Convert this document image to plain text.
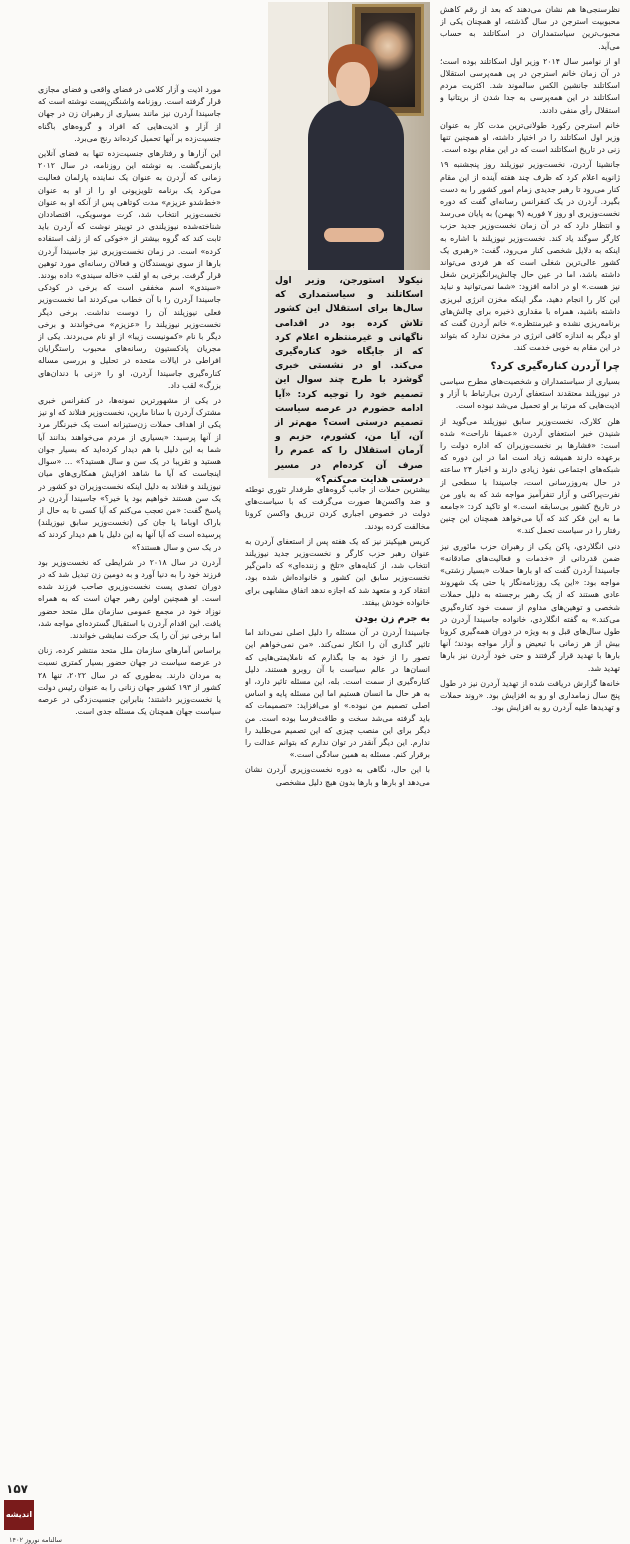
نظرسنجی‌ها هم نشان می‌دهند که بعد از رقم کاهش محبوبیت استرجن در سال گذشته، او همچنان یکی از محبوب‌ترین سیاستمداران در اسکاتلند به حساب می‌آید.

او از نوامبر سال ۲۰۱۴ وزیر اول اسکاتلند بوده است؛ در آن زمان خانم استرجن در پی همه‌پرسی استقلال اسکاتلند جانشین الکس سالموند شد. اکثریت مردم اسکاتلند در این همه‌پرسی به جدا شدن از بریتانیا و استقلال رأی منفی دادند.

خانم استرجن رکورد طولانی‌ترین مدت کار به عنوان وزیر اول اسکاتلند را در اختیار داشته، او همچنین تنها زنی در تاریخ اسکاتلند است که در این مقام بوده است.

جانشینا آردرن، نخست‌وزیر نیوزیلند روز پنجشنبه ۱۹ ژانویه اعلام کرد که ظرف چند هفته آینده از این مقام کنار می‌رود تا رهبر جدیدی زمام امور کشور را به دست بگیرد. آردرن در یک کنفرانس رسانه‌ای گفت که دوره نخست‌وزیری او روز ۷ فوریه (۹ بهمن) به پایان می‌رسد و انتظار دارد که در آن زمان نخست‌وزیر جدید حزب کارگر سوگند یاد کند. نخست‌وزیر نیوزیلند با اشاره به اینکه به دلایل شخصی کنار می‌رود، گفت: «رهبری یک کشور عالی‌ترین شغلی است که هر فردی می‌تواند داشته باشد، اما در عین حال چالش‌برانگیزترین شغل نیز هست.» او در ادامه افزود: «شما نمی‌توانید و نباید این کار را انجام دهید، مگر اینکه مخزن انرژی لبریزی داشته باشید، همراه با مقداری ذخیره برای چالش‌های برنامه‌ریزی نشده و غیرمنتظره.» خانم آردرن گفت که او دیگر به اندازه کافی انرژی در مخزن ندارد که بتواند در این مقام به خوبی خدمت کند.

چرا آردرن کناره‌گیری کرد؟

بسیاری از سیاستمداران و شخصیت‌های مطرح سیاسی در نیوزیلند معتقدند استعفای آردرن بی‌ارتباط با آزار و اذیت‌هایی که مرتبا بر او تحمیل می‌شد نبوده است.

هلن کلارک، نخست‌وزیر سابق نیوزیلند می‌گوید از شنیدن خبر استعفای آردرن «عمیقا ناراحت» شده است: «فشارها بر نخست‌وزیران که اداره دولت را برعهده دارند همیشه زیاد است اما در این دوره که شبکه‌های اجتماعی نفوذ زیادی دارند و اخبار ۲۴ ساعته در حال به‌روزرسانی است، جاسیندا با سطحی از نفرت‌پراکنی و آزار تنفرآمیز مواجه شد که به باور من در تاریخ کشور بی‌سابقه است.» او تاکید کرد: «جامعه ما به این فکر کند که آیا می‌خواهد همچنان این چنین رفتار را در سیاست تحمل کند.»

دنی انگلاردی، پاکن یکی از رهبران حزب مائوری نیز ضمن قدردانی از «خدمات و فعالیت‌های صادقانه» جاسیندا آردرن گفت که او بارها حملات «بسیار زشتی» مواجه بود: «این یک روزنامه‌نگار یا حتی یک شهروند عادی هستند که از یک رهبر برجسته به دلیل حملات شخصی و توهین‌های مداوم از سمت خود کناره‌گیری می‌کند.» به گفته انگلاردی، خانواده جاسیندا آردرن در طول سال‌های قبل و به ویژه در دوران همه‌گیری کرونا بیش از هر زمانی با تبعیض و آزار مواجه بودند؛ آنها بارها با تهدید قرار گرفتند و حتی خود آردرن نیز بارها تهدید شد.

خانه‌ها گزارش دریافت شده از تهدید آردرن نیز در طول پنج سال زمامداری او رو به افزایش بود. «روند حملات و تهدیدها علیه آردرن رو به افزایش بود.

نیکولا استورجن، وزیر اول اسکاتلند و سیاستمداری که سال‌ها برای استقلال این کشور تلاش کرده بود در اقدامی ناگهانی و غیرمنتظره اعلام کرد که از جایگاه خود کناره‌گیری می‌کند. او در نشستی خبری گوشزد با طرح چند سوال این تصمیم خود را توجیه کرد: «آیا ادامه حضورم در عرصه سیاست تصمیم درستی است؟ مهم‌تر از آن، آیا من، کشورم، حزبم و آرمان استقلال را که عمرم را صرف آن کرده‌ام در مسیر درستی هدایت می‌کنم؟»

بیشترین حملات از جانب گروه‌های طرفدار تئوری توطئه و ضد واکسن‌ها صورت می‌گرفت که با سیاست‌های دولت در خصوص اجباری کردن تزریق واکسن کرونا مخالفت کرده بودند.

کریس هیپکینز نیز که یک هفته پس از استعفای آردرن به عنوان رهبر حزب کارگر و نخست‌وزیر جدید نیوزیلند انتخاب شد، از کنایه‌های «تلخ و زننده‌ای» که دامن‌گیر نخست‌وزیر سابق این کشور و خانواده‌اش شده بود، انتقاد کرد و متعهد شد که اجازه ندهد اتفاق مشابهی برای خانواده خودش بیفتد.

به جرم زن بودن

جاسیندا آردرن در آن مسئله را دلیل اصلی نمی‌داند اما تاثیر گذاری آن را انکار نمی‌کند. «من نمی‌خواهم این تصور را از خود به جا بگذارم که ناملایمتی‌هایی که انسان‌ها در عالم سیاست با آن روبرو هستند، دلیل کناره‌گیری از سمت است. بله، این مسئله تاثیر دارد، او به هر حال ما انسان هستیم اما این مسئله پایه و اساس اصلی تصمیم من نبوده.» او می‌افزاید: «تصمیمات که باید گرفته می‌شد سخت و طاقت‌فرسا بوده است. من دیگر برای این منصب چیزی که این تصمیم می‌طلبد را ندارم. این دیگر آنقدر در توان ندارم که بتوانم عدالت را برقرار کنم. مسئله به همین سادگی است.»

با این حال، نگاهی به دوره نخست‌وزیری آردرن نشان می‌دهد او بارها و بارها بدون هیچ دلیل مشخصی

مورد اذیت و آزار کلامی در فضای واقعی و فضای مجازی قرار گرفته است. روزنامه واشنگتن‌پست نوشته است که جاسیندا آردرن نیز مانند بسیاری از رهبران زن در جهان از آزار و اذیت‌هایی که افراد و گروه‌های باگناه جنسیت‌زده بر آنها تحمیل کرده‌اند رنج می‌برد.

این آزارها و رفتارهای جنسیت‌زده تنها به فضای آنلاین بازنمی‌گشت. به نوشته این روزنامه، در سال ۲۰۱۲ زمانی که آردرن به عنوان یک نماینده پارلمان فعالیت می‌کرد یک برنامه تلویزیونی او را از او به عنوان «خط‌شدو عزیزم» مدت کوتاهی پس از آنکه او به عنوان نخست‌وزیر انتخاب شد، کرت موسویکی، اقتصاددان شناخته‌شده نیوزیلندی در توییتر نوشت که آردرن باید ثابت کند که گروه بیشتر از «خوکی که از زلف استفاده کرده» است. در زمان نخست‌وزیری نیز جاسیندا آردرن بارها از سوی نویسندگان و فعالان رسانه‌ای مورد توهین قرار گرفت. برخی به او لقب «خاله سیندی» داده بودند. «سیندی» اسم مخففی است که برخی در کودکی جاسیندا آردرن را با آن خطاب می‌کردند اما نخست‌وزیر فعلی نیوزیلند آن را دوست نداشت. برخی دیگر نخست‌وزیر نیوزیلند را «عزیزم» می‌خواندند و برخی دیگر با نام «کمونیست زیبا» از او نام می‌بردند. یکی از مجریان پادکستیون رسانه‌های محبوب راستگرایان افراطی در ایالات متحده در تحلیل و بررسی مساله کناره‌گیری جاسیندا آردرن، او را «زنی با دندان‌های بزرگ» لقب داد.

در یکی از مشهورترین نمونه‌ها، در کنفرانس خبری مشترک آردرن با سانا مارین، نخست‌وزیر فنلاند که او نیز یکی از اهداف حملات زن‌ستیزانه است یک خبرنگار مرد از آنها پرسید: «بسیاری از مردم می‌خواهند بدانند آیا شما به این دلیل با هم دیدار کرده‌اید که بسیار جوان هستید و تقریبا در یک سن و سال هستید؟» ... «سوال اینجاست که آیا ما شاهد افزایش همکاری‌های میان نیوزیلند و فنلاند به دلیل اینکه نخست‌وزیران دو کشور در یک سن هستند خواهیم بود یا خیر؟» جاسیندا آردرن در پاسخ گفت: «من تعجب می‌کنم که آیا کسی تا به حال از باراک اوباما یا جان کی (نخست‌وزیر سابق نیوزیلند) پرسیده است که آیا آنها به این دلیل با هم دیدار کردند که در یک سن و سال هستند؟»

آردرن در سال ۲۰۱۸ در شرایطی که نخست‌وزیر بود فرزند خود را به دنیا آورد و به دومین زن تبدیل شد که در دوران تصدی پست نخست‌وزیری صاحب فرزند شده است. او همچنین اولین رهبر جهان است که به همراه نوزاد خود در مجمع عمومی سازمان ملل متحد حضور یافت. این اقدام آردرن با استقبال گسترده‌ای مواجه شد، اما برخی نیز آن را یک حرکت نمایشی خواندند.

براساس آمارهای سازمان ملل متحد منتشر کرده، زنان در عرصه سیاست در جهان حضور بسیار کمتری نسبت به مردان دارند. به‌طوری که در سال ۲۰۲۲، تنها ۲۸ کشور از ۱۹۳ کشور جهان زنانی را به عنوان رئیس دولت یا نخست‌وزیر داشتند؛ بنابراین جنسیت‌زدگی در عرصه سیاست جهان همچنان یک مسئله جدی است.

۱۵۷
اندیشه
سالنامه نوروز ۱۴۰۲
